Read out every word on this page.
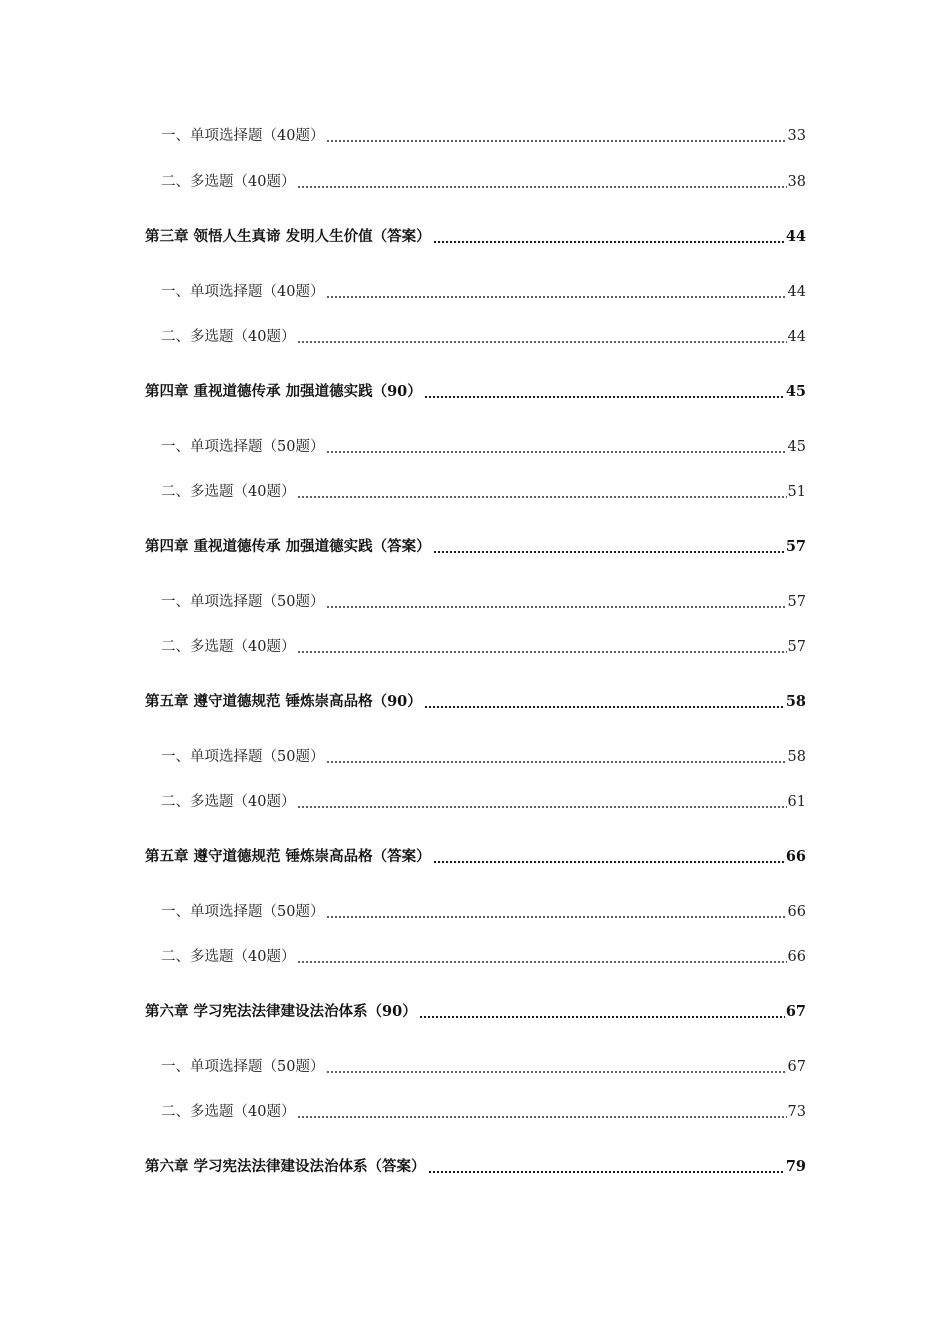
一、单项选择题（40题）	33
二、多选题（40题）	38
第三章 领悟人生真谛 发明人生价值（答案）	44
一、单项选择题（40题）	44
二、多选题（40题）	44
第四章 重视道德传承 加强道德实践（90）	45
一、单项选择题（50题）	45
二、多选题（40题）	51
第四章 重视道德传承 加强道德实践（答案）	57
一、单项选择题（50题）	57
二、多选题（40题）	57
第五章 遵守道德规范 锤炼崇高品格（90）	58
一、单项选择题（50题）	58
二、多选题（40题）	61
第五章 遵守道德规范 锤炼崇高品格（答案）	66
一、单项选择题（50题）	66
二、多选题（40题）	66
第六章 学习宪法法律建设法治体系（90）	67
一、单项选择题（50题）	67
二、多选题（40题）	73
第六章 学习宪法法律建设法治体系（答案）	79
